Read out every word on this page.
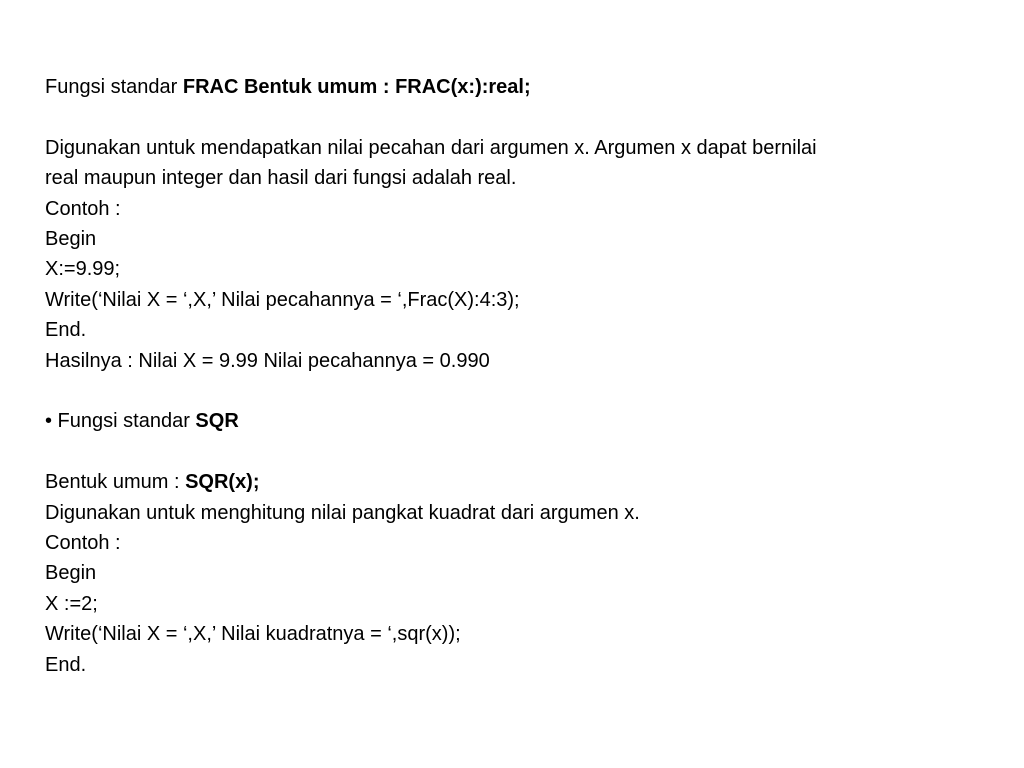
Fungsi standar FRAC Bentuk umum : FRAC(x:):real;
Digunakan untuk mendapatkan nilai pecahan dari argumen x. Argumen x dapat bernilai
real maupun integer dan hasil dari fungsi adalah real.
Contoh :
Begin
X:=9.99;
Write(‘Nilai X = ‘,X,’ Nilai pecahannya = ‘,Frac(X):4:3);
End.
Hasilnya : Nilai X = 9.99 Nilai pecahannya = 0.990
• Fungsi standar SQR
Bentuk umum : SQR(x);
Digunakan untuk menghitung nilai pangkat kuadrat dari argumen x.
Contoh :
Begin
X :=2;
Write(‘Nilai X = ‘,X,’ Nilai kuadratnya = ‘,sqr(x));
End.
